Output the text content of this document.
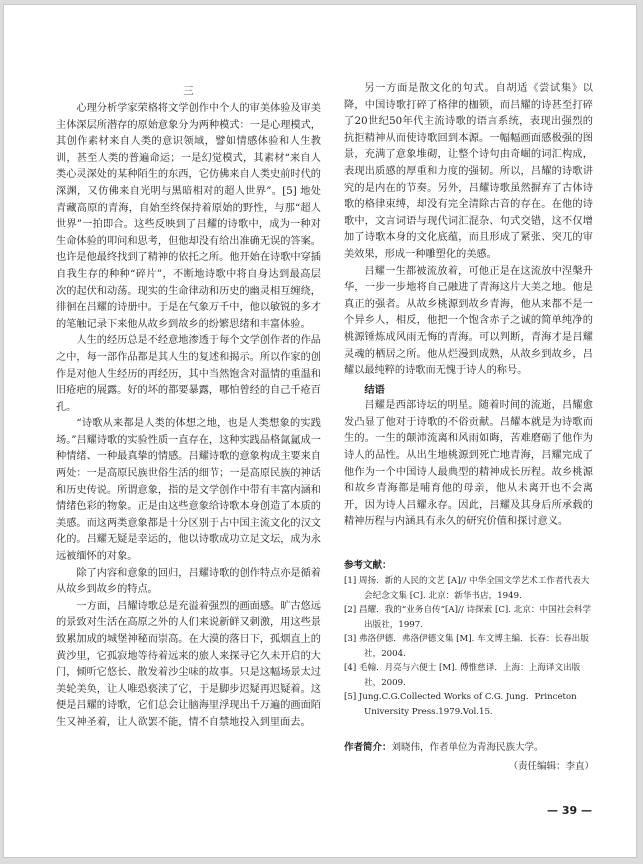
三

心理分析学家荣格将文学创作中个人的审美体验及审美主体深层所潜存的原始意象分为两种模式：一是心理模式，其创作素材来自人类的意识领域，譬如情感体验和人生教训，甚至人类的普遍命运；一是幻觉模式，其素材“来自人类心灵深处的某种陌生的东西，它仿佛来自人类史前时代的深渊，又仿佛来自光明与黑暗相对的超人世界”。[5] 地处青藏高原的青海，自始至终保持着原始的野性，与那“超人世界”一拍即合。这些反映到了吕耀的诗歌中，成为一种对生命体验的叩问和思考，但他却没有给出准确无误的答案。也许是他最终找到了精神的依托之所。他开始在诗歌中穿插自我生存的种种“碎片”，不断地诗歌中将自身达到最高层次的起伏和动荡。现实的生命律动和历史的幽灵相互缠绕，徘徊在吕耀的诗册中。于是在气象万千中，他以敏锐的多才的笔触记录下来他从故乡到故乡的纷繁思绪和丰富体验。

人生的经历总是不经意地渗透于每个文学创作者的作品之中，每一部作品都是其人生的复述和揭示。所以作家的创作是对他人生经历的再经历，其中当然饱含对温情的重温和旧疮疤的展露。好的坏的都要暴露，哪怕曾经的自己千疮百孔。

“诗歌从来都是人类的体想之地，也是人类想象的实践场。”吕耀诗歌的实验性质一直存在，这种实践品格氤氲成一种情绪、一种最真挚的情感。吕耀诗歌的意象构成主要来自两处：一是高原民族世俗生活的细节；一是高原民族的神话和历史传说。所谓意象，指的是文学创作中带有丰富内涵和情绪色彩的物象。正是由这些意象给诗歌本身创造了本质的美感。而这两类意象都是十分区别于占中国主流文化的汉文化的。吕耀无疑是幸运的，他以诗歌成功立足文坛，成为永远被缅怀的对象。

除了内容和意象的回归，吕耀诗歌的创作特点亦是循着从故乡到故乡的特点。

一方面，吕耀诗歌总是充溢着强烈的画面感。旷古悠远的景致对生活在高原之外的人们来说新鲜又刺激，用这些景致累加成的城堡神秘而崇高。在大漠的落日下，孤烟直上的黄沙里，它孤寂地等待着远来的旅人来探寻它久未开启的大门，倾听它悠长、散发着沙尘味的故事。只是这幅场景太过美轮美奂，让人唯恐亵渎了它，于是脚步迟疑再迟疑着。这便是吕耀的诗歌，它们总会让脑海里浮现出千万遍的画面陌生又神圣着，让人欲罢不能，情不自禁地投入到里面去。

另一方面是散文化的句式。自胡适《尝试集》以降，中国诗歌打碎了格律的枷锁，而吕耀的诗甚至打碎了20世纪50年代主流诗歌的语言系统，表现出强烈的抗拒精神从而使诗歌回到本源。一幅幅画面感极强的图景，充满了意象堆砌，让整个诗句由奇崛的词汇构成，表现出质感的厚重和力度的强韧。所以，吕耀的诗歌讲究的是内在的节奏。另外，吕耀诗歌虽然摒弃了古体诗歌的格律束缚，却没有完全清除古音的存在。在他的诗歌中，文言词语与现代词汇混杂、句式交错，这不仅增加了诗歌本身的文化底蕴，而且形成了紧张、突兀的审美效果，形成一种雕塑化的美感。

吕耀一生都被流放着，可他正是在这流放中涅槃升华，一步一步地将自己融进了青海这片大美之地。他是真正的强者。从故乡桃源到故乡青海，他从来都不是一个异乡人，相反，他把一个饱含赤子之诚的简单纯净的桃源锤炼成风雨无悔的青海。可以判断，青海才是吕耀灵魂的栖居之所。他从烂漫到成熟，从故乡到故乡，吕耀以最纯粹的诗歌而无愧于诗人的称号。

结语

吕耀是西部诗坛的明星。随着时间的流逝，吕耀愈发凸显了他对于诗歌的不俗贡献。吕耀本就是为诗歌而生的。一生的颠沛流离和风雨如晦，苦难磨砺了他作为诗人的品性。从出生地桃源到死亡地青海，吕耀完成了他作为一个中国诗人最典型的精神成长历程。故乡桃源和故乡青海都是哺育他的母亲，他从未离开也不会离开，因为诗人吕耀永存。因此，吕耀及其身后所承载的精神历程与内涵具有永久的研究价值和探讨意义。

参考文献：

[1] 周扬．新的人民的文艺 [A]// 中华全国文学艺术工作者代表大会纪念文集 [C]. 北京：新华书店，1949.

[2] 昌耀．我的“业务自传”[A]// 诗探索 [C]. 北京：中国社会科学出版社，1997.

[3] 弗洛伊德．弗洛伊德文集 [M]. 车文博主编．长春：长春出版社，2004.

[4] 毛翰．月亮与六便士 [M]. 傅惟慈译．上海：上海译文出版社，2009.

[5] Jung.C.G.Collected Works of C.G. Jung．Princeton University Press.1979.Vol.15.

作者简介：刘晓伟，作者单位为青海民族大学。
（责任编辑：李直）
— 39 —
